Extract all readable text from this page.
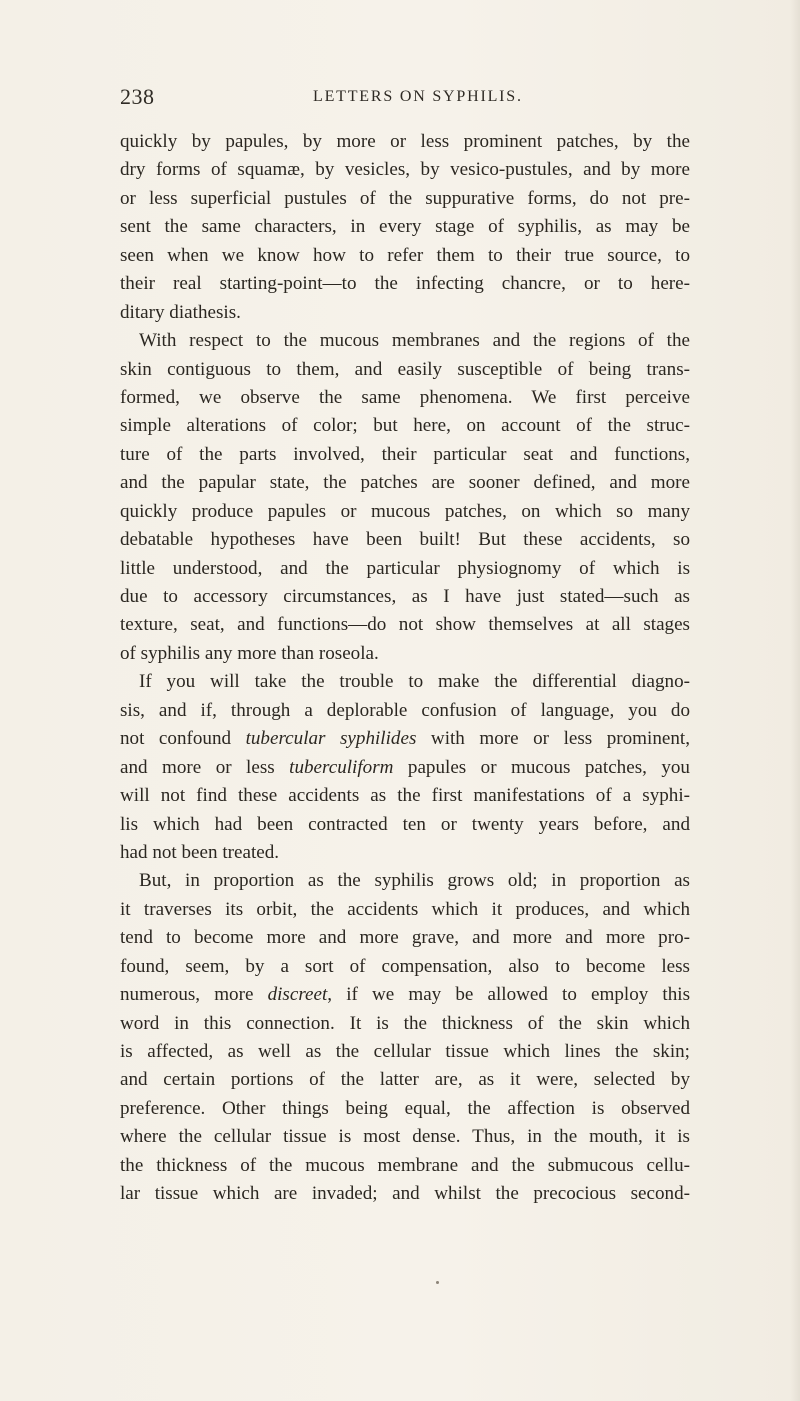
238	LETTERS ON SYPHILIS.
quickly by papules, by more or less prominent patches, by the
dry forms of squamæ, by vesicles, by vesico-pustules, and by more
or less superficial pustules of the suppurative forms, do not pre-
sent the same characters, in every stage of syphilis, as may be
seen when we know how to refer them to their true source, to
their real starting-point—to the infecting chancre, or to here-
ditary diathesis.
With respect to the mucous membranes and the regions of the
skin contiguous to them, and easily susceptible of being trans-
formed, we observe the same phenomena. We first perceive
simple alterations of color; but here, on account of the struc-
ture of the parts involved, their particular seat and functions,
and the papular state, the patches are sooner defined, and more
quickly produce papules or mucous patches, on which so many
debatable hypotheses have been built! But these accidents, so
little understood, and the particular physiognomy of which is
due to accessory circumstances, as I have just stated—such as
texture, seat, and functions—do not show themselves at all stages
of syphilis any more than roseola.
If you will take the trouble to make the differential diagno-
sis, and if, through a deplorable confusion of language, you do
not confound tubercular syphilides with more or less prominent,
and more or less tuberculiform papules or mucous patches, you
will not find these accidents as the first manifestations of a syphi-
lis which had been contracted ten or twenty years before, and
had not been treated.
But, in proportion as the syphilis grows old; in proportion as
it traverses its orbit, the accidents which it produces, and which
tend to become more and more grave, and more and more pro-
found, seem, by a sort of compensation, also to become less
numerous, more discreet, if we may be allowed to employ this
word in this connection. It is the thickness of the skin which
is affected, as well as the cellular tissue which lines the skin;
and certain portions of the latter are, as it were, selected by
preference. Other things being equal, the affection is observed
where the cellular tissue is most dense. Thus, in the mouth, it is
the thickness of the mucous membrane and the submucous cellu-
lar tissue which are invaded; and whilst the precocious second-
